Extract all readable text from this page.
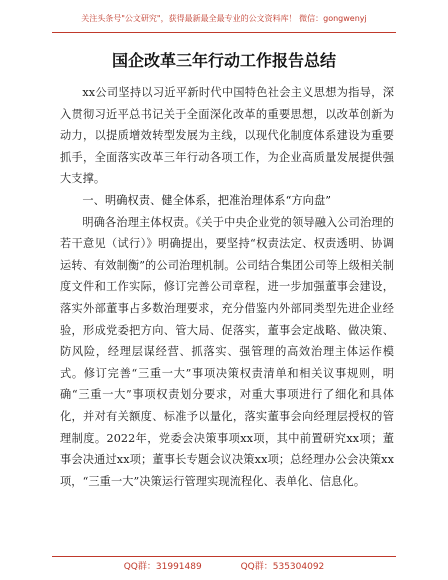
关注头条号"公文研究"，获得最新最全最专业的公文资料库！ 微信：gongwenyj
国企改革三年行动工作报告总结

xx公司坚持以习近平新时代中国特色社会主义思想为指导，深入贯彻习近平总书记关于全面深化改革的重要思想，以改革创新为动力，以提质增效转型发展为主线，以现代化制度体系建设为重要抓手，全面落实改革三年行动各项工作，为企业高质量发展提供强大支撑。

一、明确权责、健全体系，把准治理体系“方向盘”

明确各治理主体权责。《关于中央企业党的领导融入公司治理的若干意见（试行）》明确提出，要坚持“权责法定、权责透明、协调运转、有效制衡”的公司治理机制。公司结合集团公司等上级相关制度文件和工作实际，修订完善公司章程，进一步加强董事会建设，落实外部董事占多数治理要求，充分借鉴内外部同类型先进企业经验，形成党委把方向、管大局、促落实，董事会定战略、做决策、防风险，经理层谋经营、抓落实、强管理的高效治理主体运作模式。修订完善“三重一大”事项决策权责清单和相关议事规则，明确“三重一大”事项权责划分要求，对重大事项进行了细化和具体化，并对有关额度、标准予以量化，落实董事会向经理层授权的管理制度。2022年，党委会决策事项xx项，其中前置研究xx项；董事会决通过xx项；董事长专题会议决策xx项；总经理办公会决策xx项，“三重一大”决策运行管理实现流程化、表单化、信息化。

QQ群：31991489	QQ群：535304092
